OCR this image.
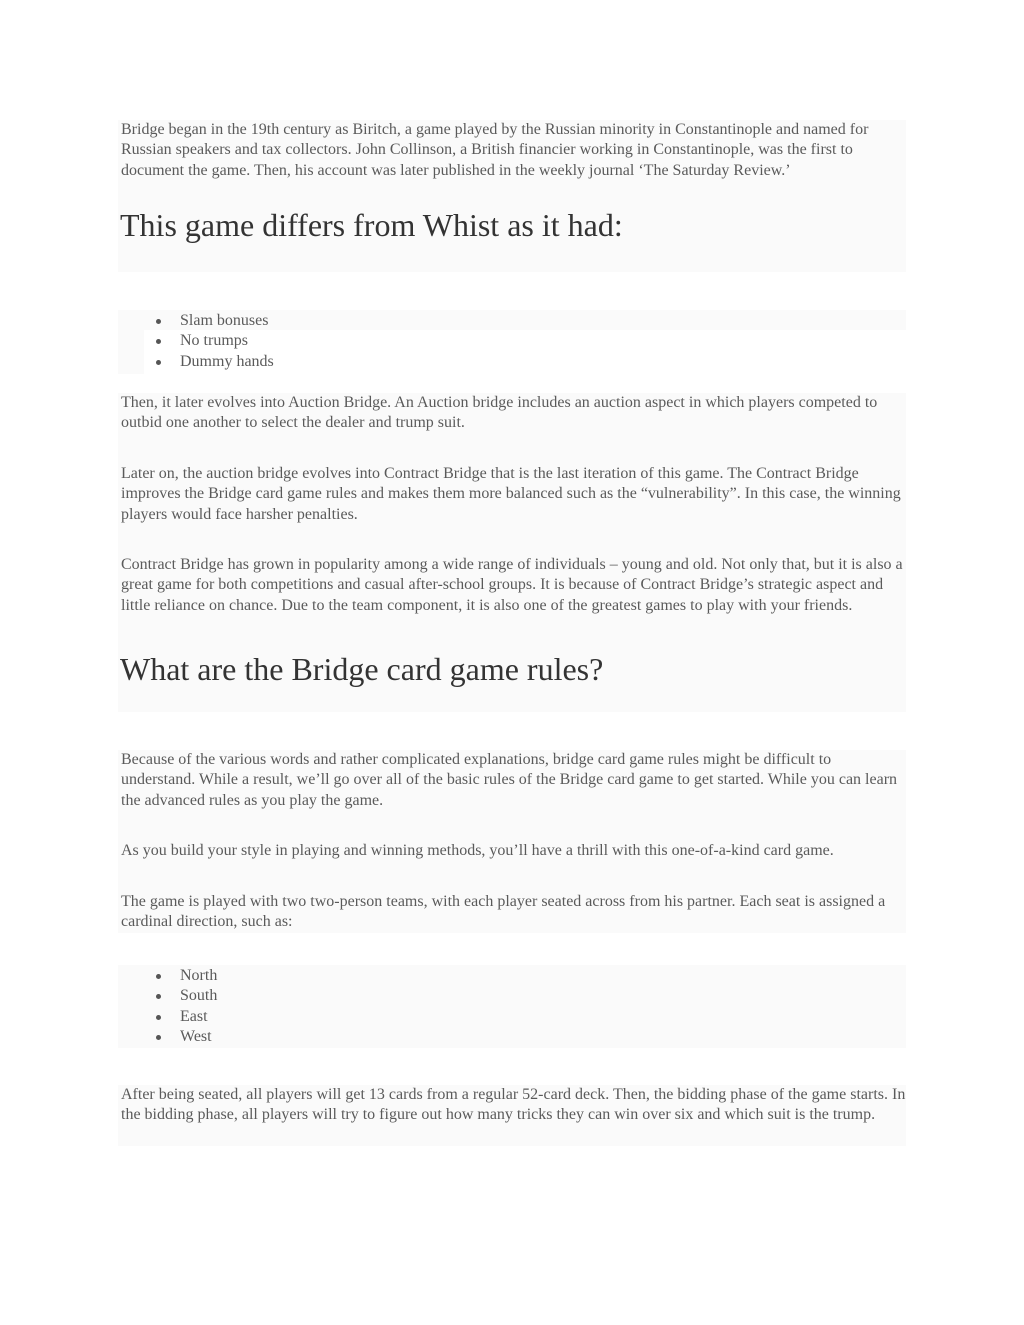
Bridge began in the 19th century as Biritch, a game played by the Russian minority in Constantinople and named for Russian speakers and tax collectors. John Collinson, a British financier working in Constantinople, was the first to document the game. Then, his account was later published in the weekly journal ‘The Saturday Review.’

This game differs from Whist as it had:
Slam bonuses
No trumps
Dummy hands

Then, it later evolves into Auction Bridge. An Auction bridge includes an auction aspect in which players competed to outbid one another to select the dealer and trump suit.

Later on, the auction bridge evolves into Contract Bridge that is the last iteration of this game. The Contract Bridge improves the Bridge card game rules and makes them more balanced such as the “vulnerability”. In this case, the winning players would face harsher penalties.

Contract Bridge has grown in popularity among a wide range of individuals – young and old. Not only that, but it is also a great game for both competitions and casual after-school groups. It is because of Contract Bridge’s strategic aspect and little reliance on chance. Due to the team component, it is also one of the greatest games to play with your friends.

What are the Bridge card game rules?

Because of the various words and rather complicated explanations, bridge card game rules might be difficult to understand. While a result, we’ll go over all of the basic rules of the Bridge card game to get started. While you can learn the advanced rules as you play the game.

As you build your style in playing and winning methods, you’ll have a thrill with this one-of-a-kind card game.

The game is played with two two-person teams, with each player seated across from his partner. Each seat is assigned a cardinal direction, such as:

North
South
East
West

After being seated, all players will get 13 cards from a regular 52-card deck. Then, the bidding phase of the game starts. In the bidding phase, all players will try to figure out how many tricks they can win over six and which suit is the trump.
